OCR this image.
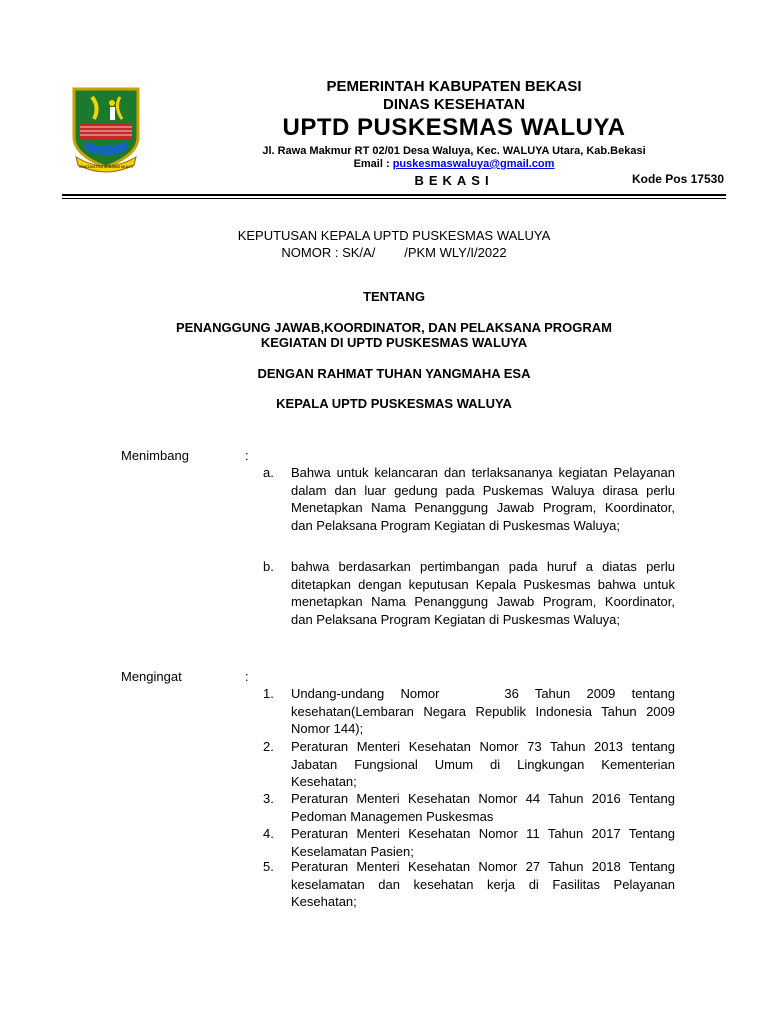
SWATANTRA WIBAWA MUKTI
PEMERINTAH KABUPATEN BEKASI
DINAS KESEHATAN
UPTD PUSKESMAS WALUYA
Jl. Rawa Makmur RT 02/01 Desa Waluya, Kec. WALUYA Utara, Kab.Bekasi
Email : puskesmaswaluya@gmail.com
BEKASI	Kode Pos 17530
KEPUTUSAN KEPALA UPTD PUSKESMAS WALUYA
NOMOR : SK/A/        /PKM WLY/I/2022
TENTANG
PENANGGUNG JAWAB,KOORDINATOR, DAN PELAKSANA PROGRAM
KEGIATAN DI UPTD PUSKESMAS WALUYA
DENGAN RAHMAT TUHAN YANGMAHA ESA
KEPALA UPTD PUSKESMAS WALUYA
Menimbang	:
a. Bahwa untuk kelancaran dan terlaksananya kegiatan Pelayanan dalam dan luar gedung pada Puskemas Waluya dirasa perlu Menetapkan Nama Penanggung Jawab Program, Koordinator, dan Pelaksana Program Kegiatan di Puskesmas Waluya;
b. bahwa berdasarkan pertimbangan pada huruf a diatas perlu ditetapkan dengan keputusan Kepala Puskesmas bahwa untuk menetapkan Nama Penanggung Jawab Program, Koordinator, dan Pelaksana Program Kegiatan di Puskesmas Waluya;
Mengingat	:
1. Undang-undang Nomor    36 Tahun 2009 tentang kesehatan(Lembaran Negara Republik Indonesia Tahun 2009 Nomor 144);
2. Peraturan Menteri Kesehatan Nomor 73 Tahun 2013 tentang Jabatan Fungsional Umum di Lingkungan Kementerian Kesehatan;
3. Peraturan Menteri Kesehatan Nomor 44 Tahun 2016 Tentang Pedoman Managemen Puskesmas
4. Peraturan Menteri Kesehatan Nomor 11 Tahun 2017 Tentang Keselamatan Pasien;
5. Peraturan Menteri Kesehatan Nomor 27 Tahun 2018 Tentang keselamatan dan kesehatan kerja di Fasilitas Pelayanan Kesehatan;
